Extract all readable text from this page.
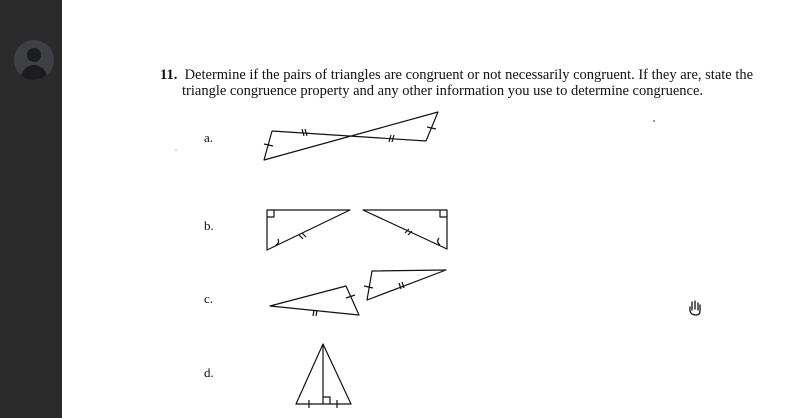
11. Determine if the pairs of triangles are congruent or not necessarily congruent. If they are, state the
triangle congruence property and any other information you use to determine congruence.
a.
b.
c.
d.
